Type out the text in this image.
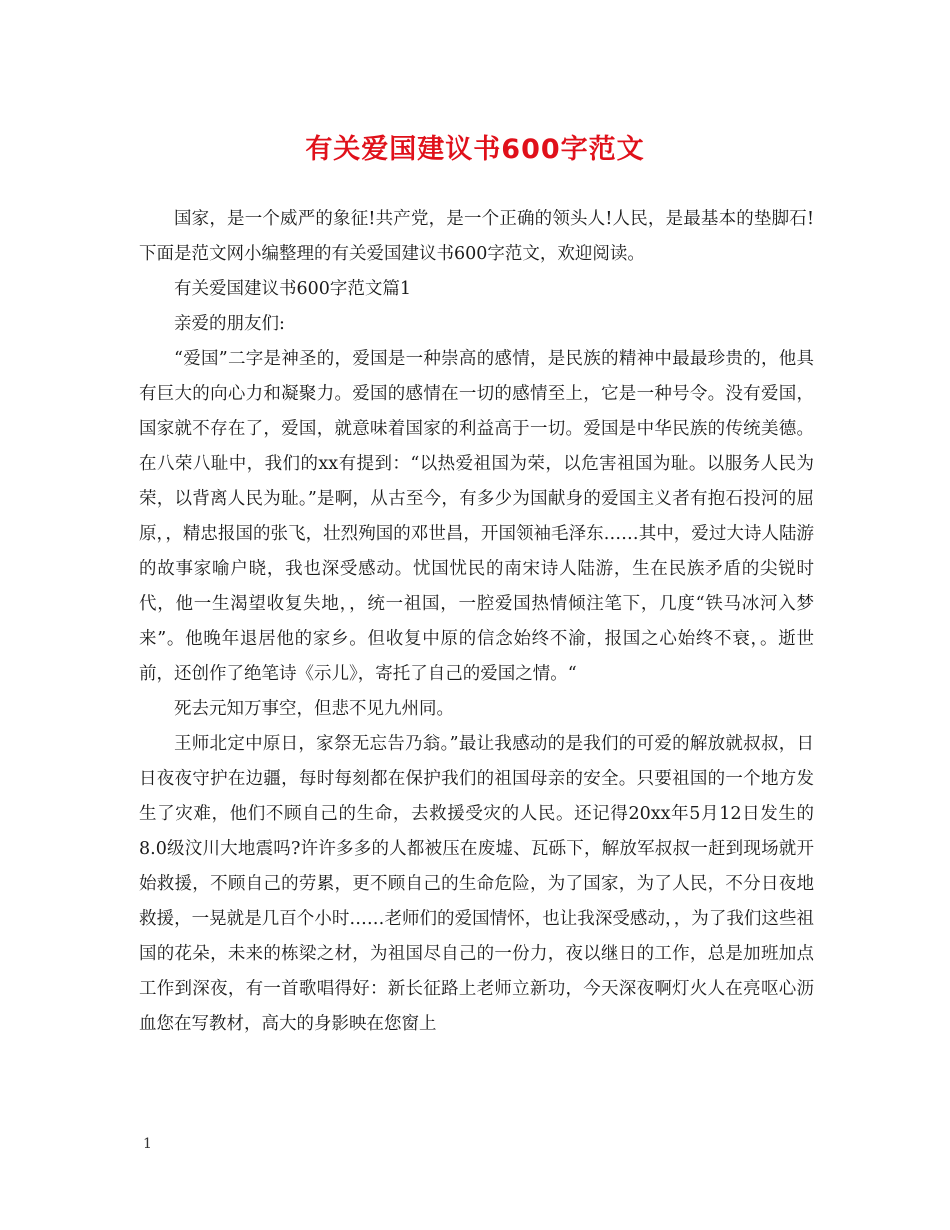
有关爱国建议书600字范文

国家，是一个威严的象征!共产党，是一个正确的领头人!人民，是最基本的垫脚石! 下面是范文网小编整理的有关爱国建议书600字范文，欢迎阅读。

有关爱国建议书600字范文篇1

亲爱的朋友们:

“爱国”二字是神圣的，爱国是一种崇高的感情，是民族的精神中最最珍贵的，他具有巨大的向心力和凝聚力。爱国的感情在一切的感情至上，它是一种号令。没有爱国，国家就不存在了，爱国，就意味着国家的利益高于一切。爱国是中华民族的传统美德。在八荣八耻中，我们的xx有提到：“以热爱祖国为荣，以危害祖国为耻。以服务人民为荣，以背离人民为耻。”是啊，从古至今，有多少为国献身的爱国主义者有抱石投河的屈原，，精忠报国的张飞，壮烈殉国的邓世昌，开国领袖毛泽东……其中，爱过大诗人陆游的故事家喻户晓，我也深受感动。忧国忧民的南宋诗人陆游，生在民族矛盾的尖锐时代，他一生渴望收复失地，，统一祖国，一腔爱国热情倾注笔下，几度“铁马冰河入梦来”。他晚年退居他的家乡。但收复中原的信念始终不渝，报国之心始终不衰，。逝世前，还创作了绝笔诗《示儿》，寄托了自己的爱国之情。“

死去元知万事空，但悲不见九州同。

王师北定中原日，家祭无忘告乃翁。”最让我感动的是我们的可爱的解放就叔叔，日日夜夜守护在边疆，每时每刻都在保护我们的祖国母亲的安全。只要祖国的一个地方发生了灾难，他们不顾自己的生命，去救援受灾的人民。还记得20xx年5月12日发生的8.0级汶川大地震吗?许许多多的人都被压在废墟、瓦砾下，解放军叔叔一赶到现场就开始救援，不顾自己的劳累，更不顾自己的生命危险，为了国家，为了人民，不分日夜地救援，一晃就是几百个小时……老师们的爱国情怀，也让我深受感动，，为了我们这些祖国的花朵，未来的栋梁之材，为祖国尽自己的一份力，夜以继日的工作，总是加班加点工作到深夜，有一首歌唱得好：新长征路上老师立新功，今天深夜啊灯火人在亮呕心沥血您在写教材，高大的身影映在您窗上

1
